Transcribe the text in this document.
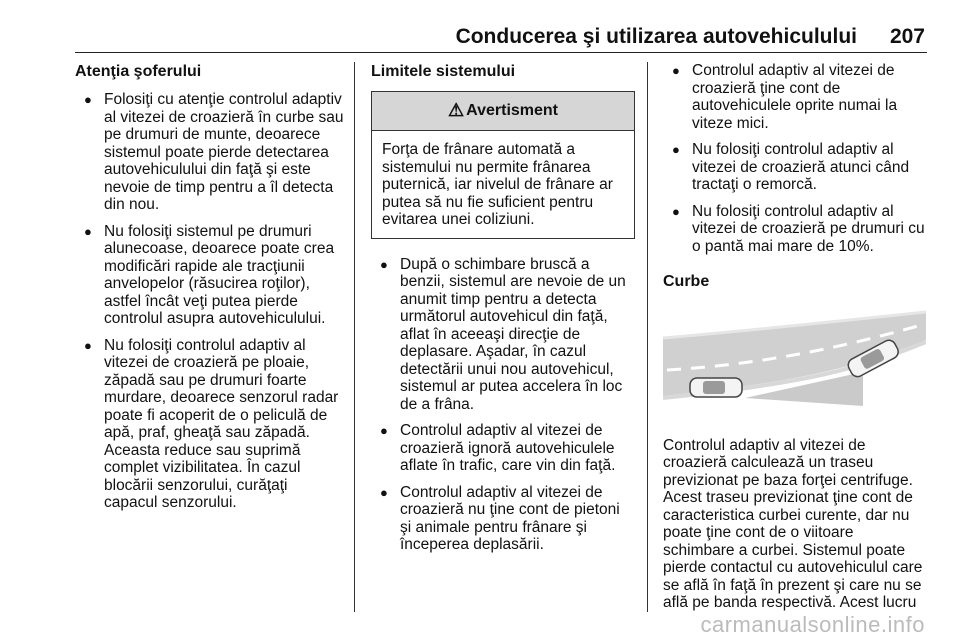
Conducerea şi utilizarea autovehiculului 207
Atenţia şoferului
● Folosiţi cu atenţie controlul adaptiv al vitezei de croazieră în curbe sau pe drumuri de munte, deoarece sistemul poate pierde detectarea autovehiculului din faţă şi este nevoie de timp pentru a îl detecta din nou.
● Nu folosiţi sistemul pe drumuri alunecoase, deoarece poate crea modificări rapide ale tracţiunii anvelopelor (răsucirea roţilor), astfel încât veţi putea pierde controlul asupra autovehiculului.
● Nu folosiţi controlul adaptiv al vitezei de croazieră pe ploaie, zăpadă sau pe drumuri foarte murdare, deoarece senzorul radar poate fi acoperit de o peliculă de apă, praf, gheaţă sau zăpadă. Aceasta reduce sau suprimă complet vizibilitatea. În cazul blocării senzorului, curăţaţi capacul senzorului.
Limitele sistemului
⚠ Avertisment
Forţa de frânare automată a sistemului nu permite frânarea puternică, iar nivelul de frânare ar putea să nu fie suficient pentru evitarea unei coliziuni.
● După o schimbare bruscă a benzii, sistemul are nevoie de un anumit timp pentru a detecta următorul autovehicul din faţă, aflat în aceeaşi direcţie de deplasare. Aşadar, în cazul detectării unui nou autovehicul, sistemul ar putea accelera în loc de a frâna.
● Controlul adaptiv al vitezei de croazieră ignoră autovehiculele aflate în trafic, care vin din faţă.
● Controlul adaptiv al vitezei de croazieră nu ţine cont de pietoni şi animale pentru frânare şi începerea deplasării.
● Controlul adaptiv al vitezei de croazieră ţine cont de autovehiculele oprite numai la viteze mici.
● Nu folosiţi controlul adaptiv al vitezei de croazieră atunci când tractaţi o remorcă.
● Nu folosiţi controlul adaptiv al vitezei de croazieră pe drumuri cu o pantă mai mare de 10%.
Curbe

Controlul adaptiv al vitezei de croazieră calculează un traseu previzionat pe baza forţei centrifuge. Acest traseu previzionat ţine cont de caracteristica curbei curente, dar nu poate ţine cont de o viitoare schimbare a curbei. Sistemul poate pierde contactul cu autovehiculul care se află în faţă în prezent şi care nu se află pe banda respectivă. Acest lucru

carmanualsonline.info
